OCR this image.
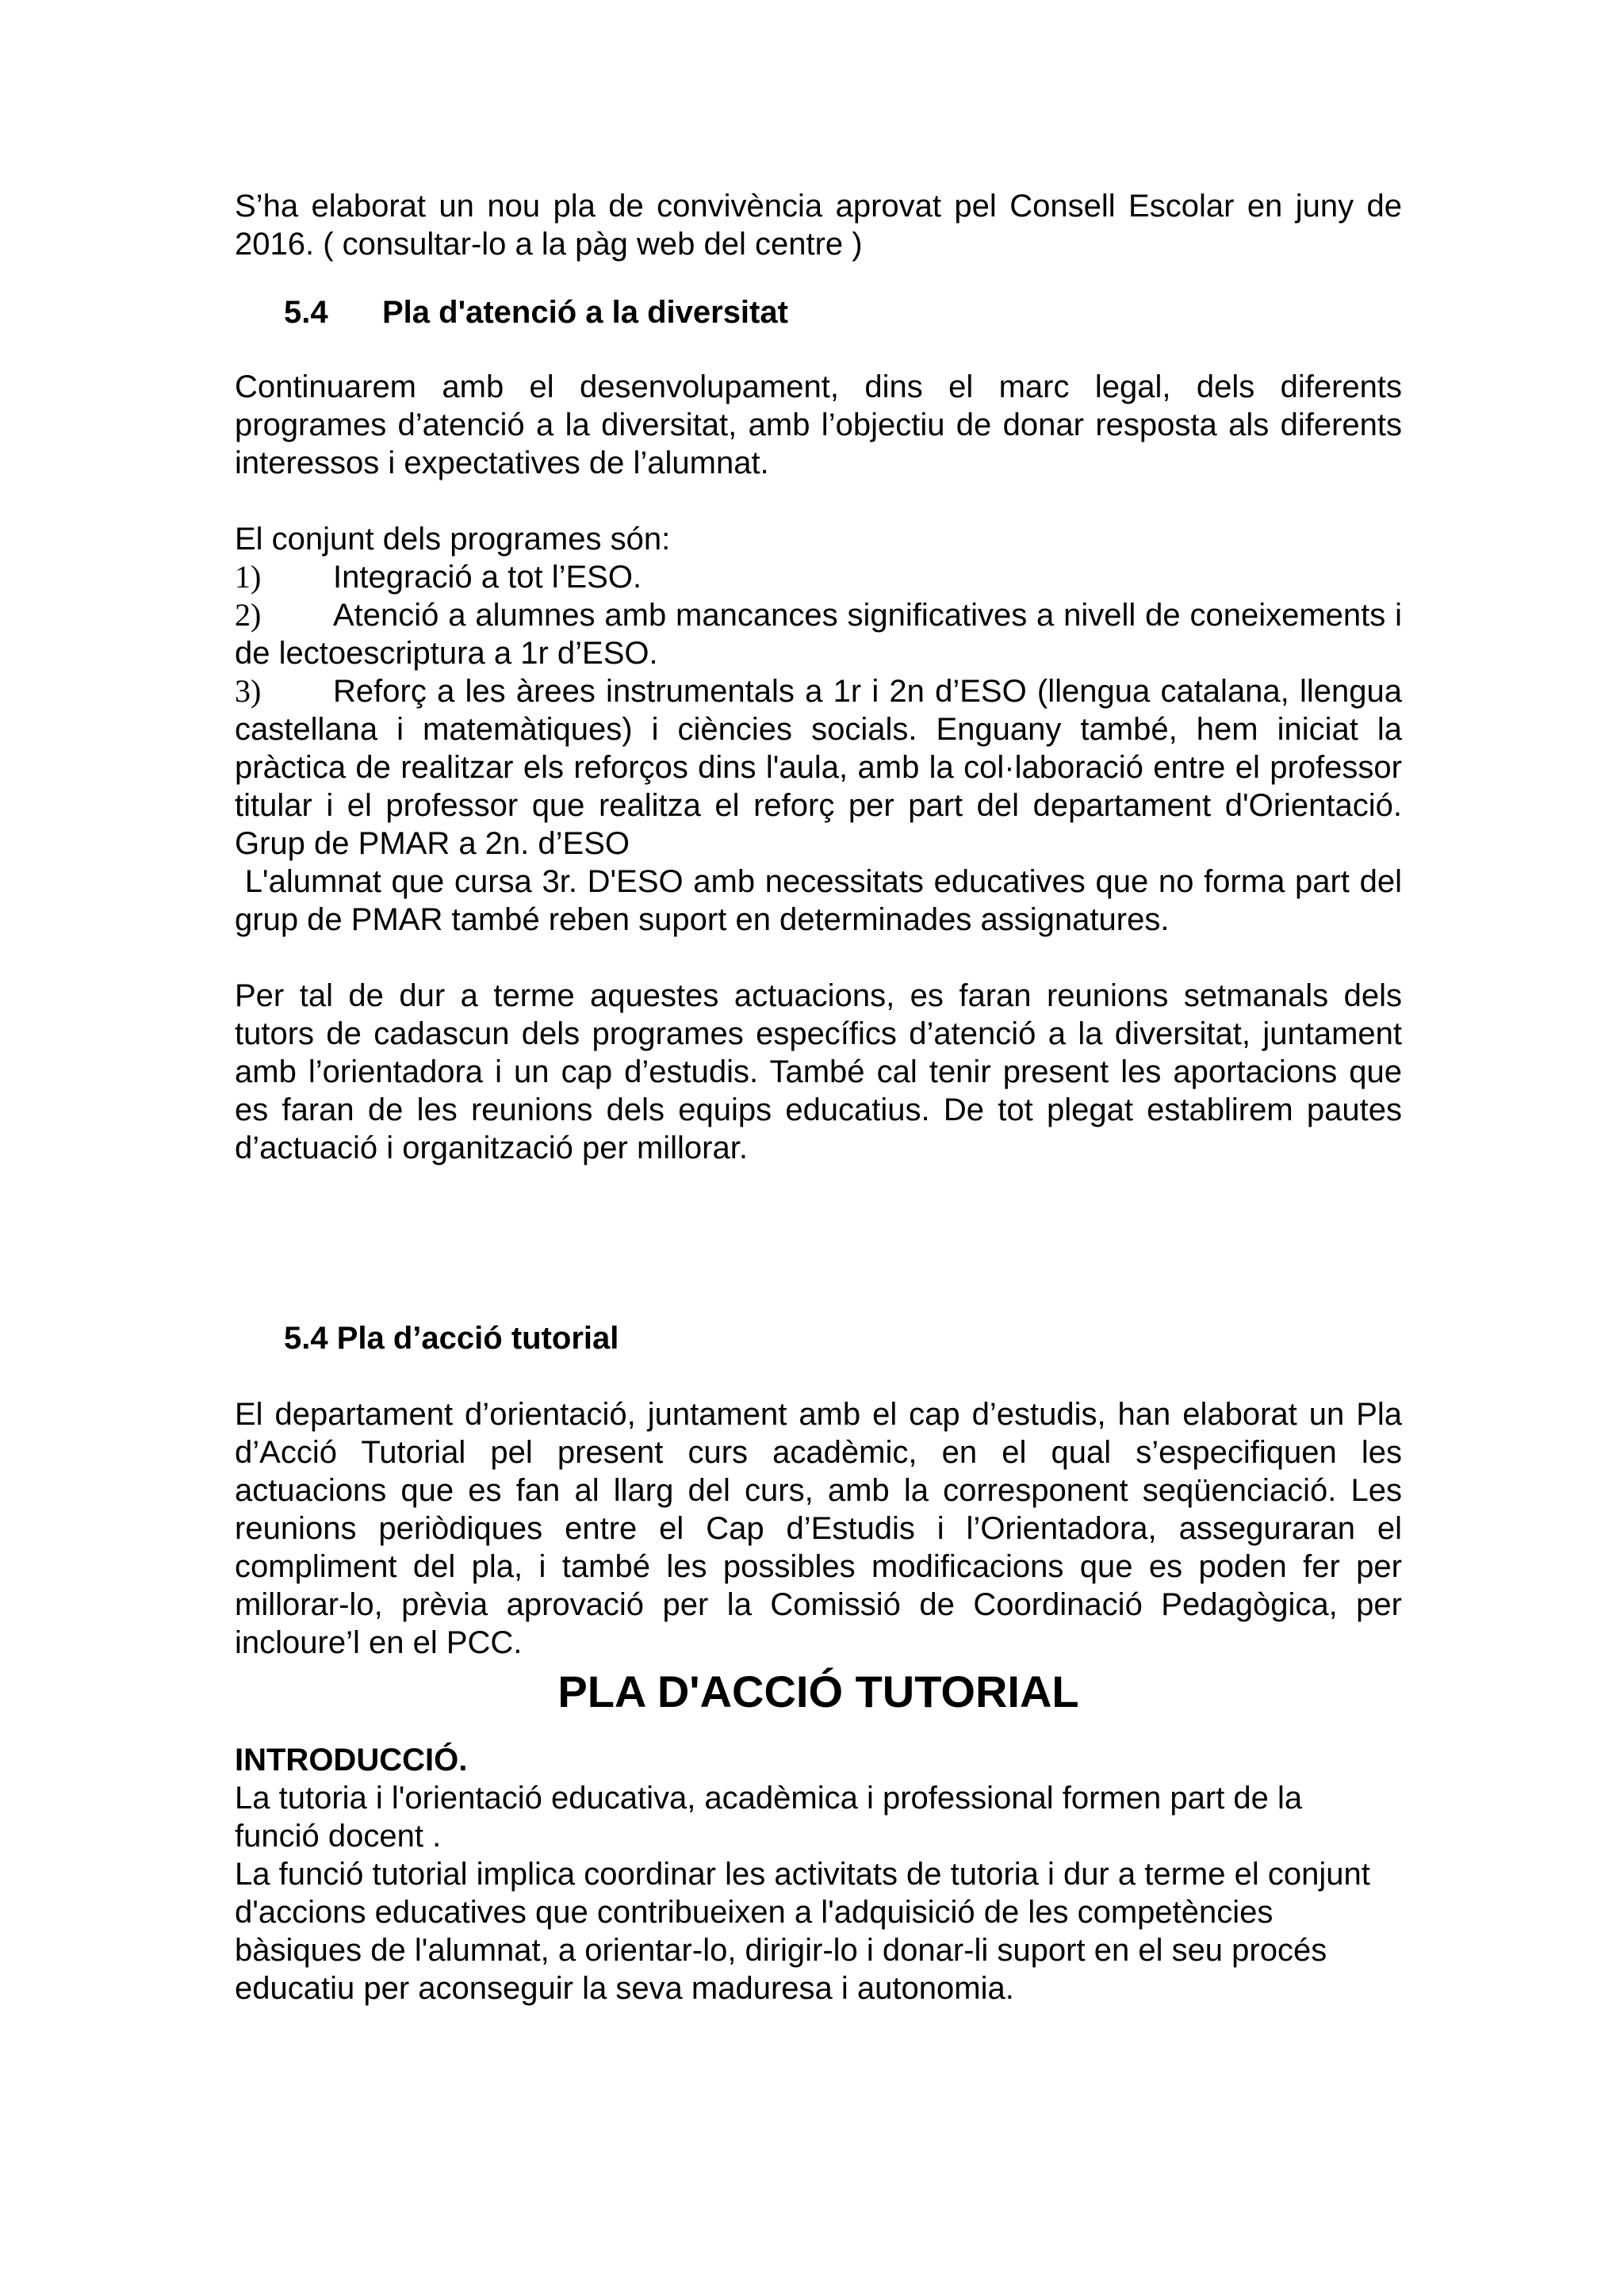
S’ha elaborat un nou pla de convivència aprovat pel Consell Escolar en juny de 2016. ( consultar-lo a la pàg web del centre )

5.4 Pla d'atenció a la diversitat

Continuarem amb el desenvolupament, dins el marc legal, dels diferents programes d’atenció a la diversitat, amb l’objectiu de donar resposta als diferents interessos i expectatives de l’alumnat.

El conjunt dels programes són:

1) Integració a tot l’ESO.

2) Atenció a alumnes amb mancances significatives a nivell de coneixements i de lectoescriptura a 1r d’ESO.

3) Reforç a les àrees instrumentals a 1r i 2n d’ESO (llengua catalana, llengua castellana i matemàtiques) i ciències socials. Enguany també, hem iniciat la pràctica de realitzar els reforços dins l'aula, amb la col·laboració entre el professor titular i el professor que realitza el reforç per part del departament d'Orientació. Grup de PMAR a 2n. d’ESO

L'alumnat que cursa 3r. D'ESO amb necessitats educatives que no forma part del grup de PMAR també reben suport en determinades assignatures.

Per tal de dur a terme aquestes actuacions, es faran reunions setmanals dels tutors de cadascun dels programes específics d’atenció a la diversitat, juntament amb l’orientadora i un cap d’estudis. També cal tenir present les aportacions que es faran de les reunions dels equips educatius. De tot plegat establirem pautes d’actuació i organització per millorar.

5.4 Pla d’acció tutorial

El departament d’orientació, juntament amb el cap d’estudis, han elaborat un Pla d’Acció Tutorial pel present curs acadèmic, en el qual s’especifiquen les actuacions que es fan al llarg del curs, amb la corresponent seqüenciació. Les reunions periòdiques entre el Cap d’Estudis i l’Orientadora, asseguraran el compliment del pla, i també les possibles modificacions que es poden fer per millorar-lo, prèvia aprovació per la Comissió de Coordinació Pedagògica, per incloure’l en el PCC.

PLA D'ACCIÓ TUTORIAL

INTRODUCCIÓ.

La tutoria i l'orientació educativa, acadèmica i professional formen part de la funció docent .

La funció tutorial implica coordinar les activitats de tutoria i dur a terme el conjunt d'accions educatives que contribueixen a l'adquisició de les competències bàsiques de l'alumnat, a orientar-lo, dirigir-lo i donar-li suport en el seu procés educatiu per aconseguir la seva maduresa i autonomia.
